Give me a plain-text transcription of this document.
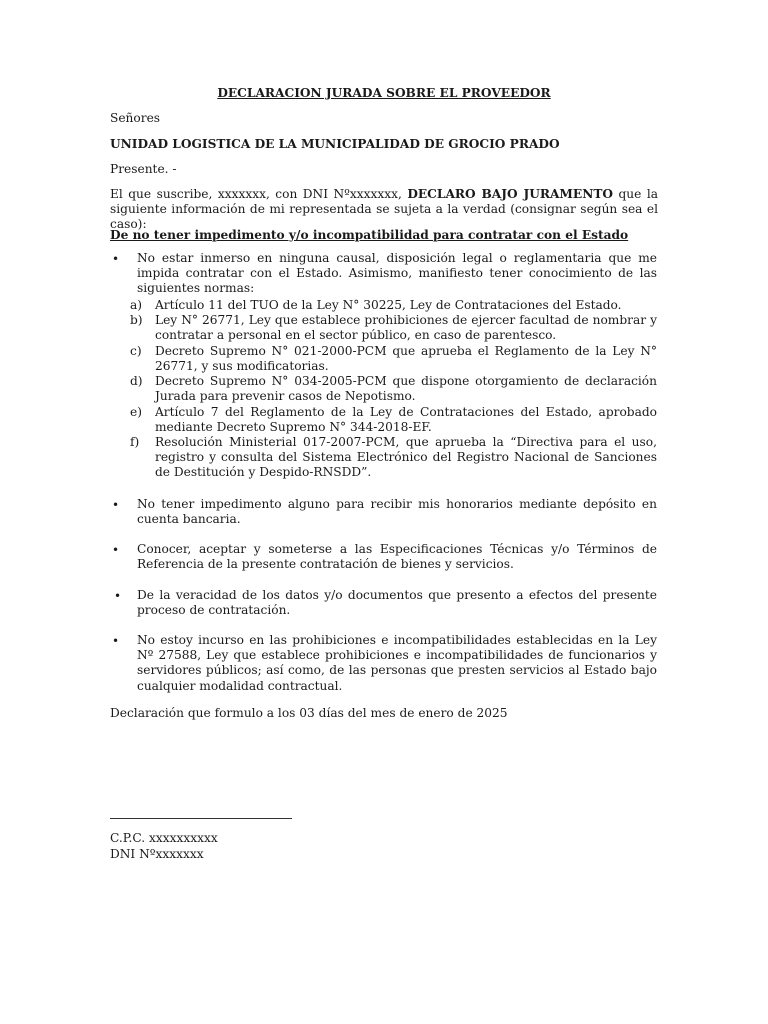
DECLARACION JURADA SOBRE EL PROVEEDOR
Señores
UNIDAD LOGISTICA DE LA MUNICIPALIDAD DE GROCIO PRADO
Presente. -
El que suscribe, xxxxxxx, con DNI Nºxxxxxxx, DECLARO BAJO JURAMENTO que la siguiente información de mi representada se sujeta a la verdad (consignar según sea el caso):
De no tener impedimento y/o incompatibilidad para contratar con el Estado
• No estar inmerso en ninguna causal, disposición legal o reglamentaria que me impida contratar con el Estado. Asimismo, manifiesto tener conocimiento de las siguientes normas:
a) Artículo 11 del TUO de la Ley N° 30225, Ley de Contrataciones del Estado.
b) Ley N° 26771, Ley que establece prohibiciones de ejercer facultad de nombrar y contratar a personal en el sector público, en caso de parentesco.
c) Decreto Supremo N° 021-2000-PCM que aprueba el Reglamento de la Ley N° 26771, y sus modificatorias.
d) Decreto Supremo N° 034-2005-PCM que dispone otorgamiento de declaración Jurada para prevenir casos de Nepotismo.
e) Artículo 7 del Reglamento de la Ley de Contrataciones del Estado, aprobado mediante Decreto Supremo N° 344-2018-EF.
f) Resolución Ministerial 017-2007-PCM, que aprueba la “Directiva para el uso, registro y consulta del Sistema Electrónico del Registro Nacional de Sanciones de Destitución y Despido-RNSDD”.
• No tener impedimento alguno para recibir mis honorarios mediante depósito en cuenta bancaria.
• Conocer, aceptar y someterse a las Especificaciones Técnicas y/o Términos de Referencia de la presente contratación de bienes y servicios.
• De la veracidad de los datos y/o documentos que presento a efectos del presente proceso de contratación.
• No estoy incurso en las prohibiciones e incompatibilidades establecidas en la Ley Nº 27588, Ley que establece prohibiciones e incompatibilidades de funcionarios y servidores públicos; así como, de las personas que presten servicios al Estado bajo cualquier modalidad contractual.
Declaración que formulo a los 03 días del mes de enero de 2025
C.P.C. xxxxxxxxxx
DNI Nºxxxxxxx
